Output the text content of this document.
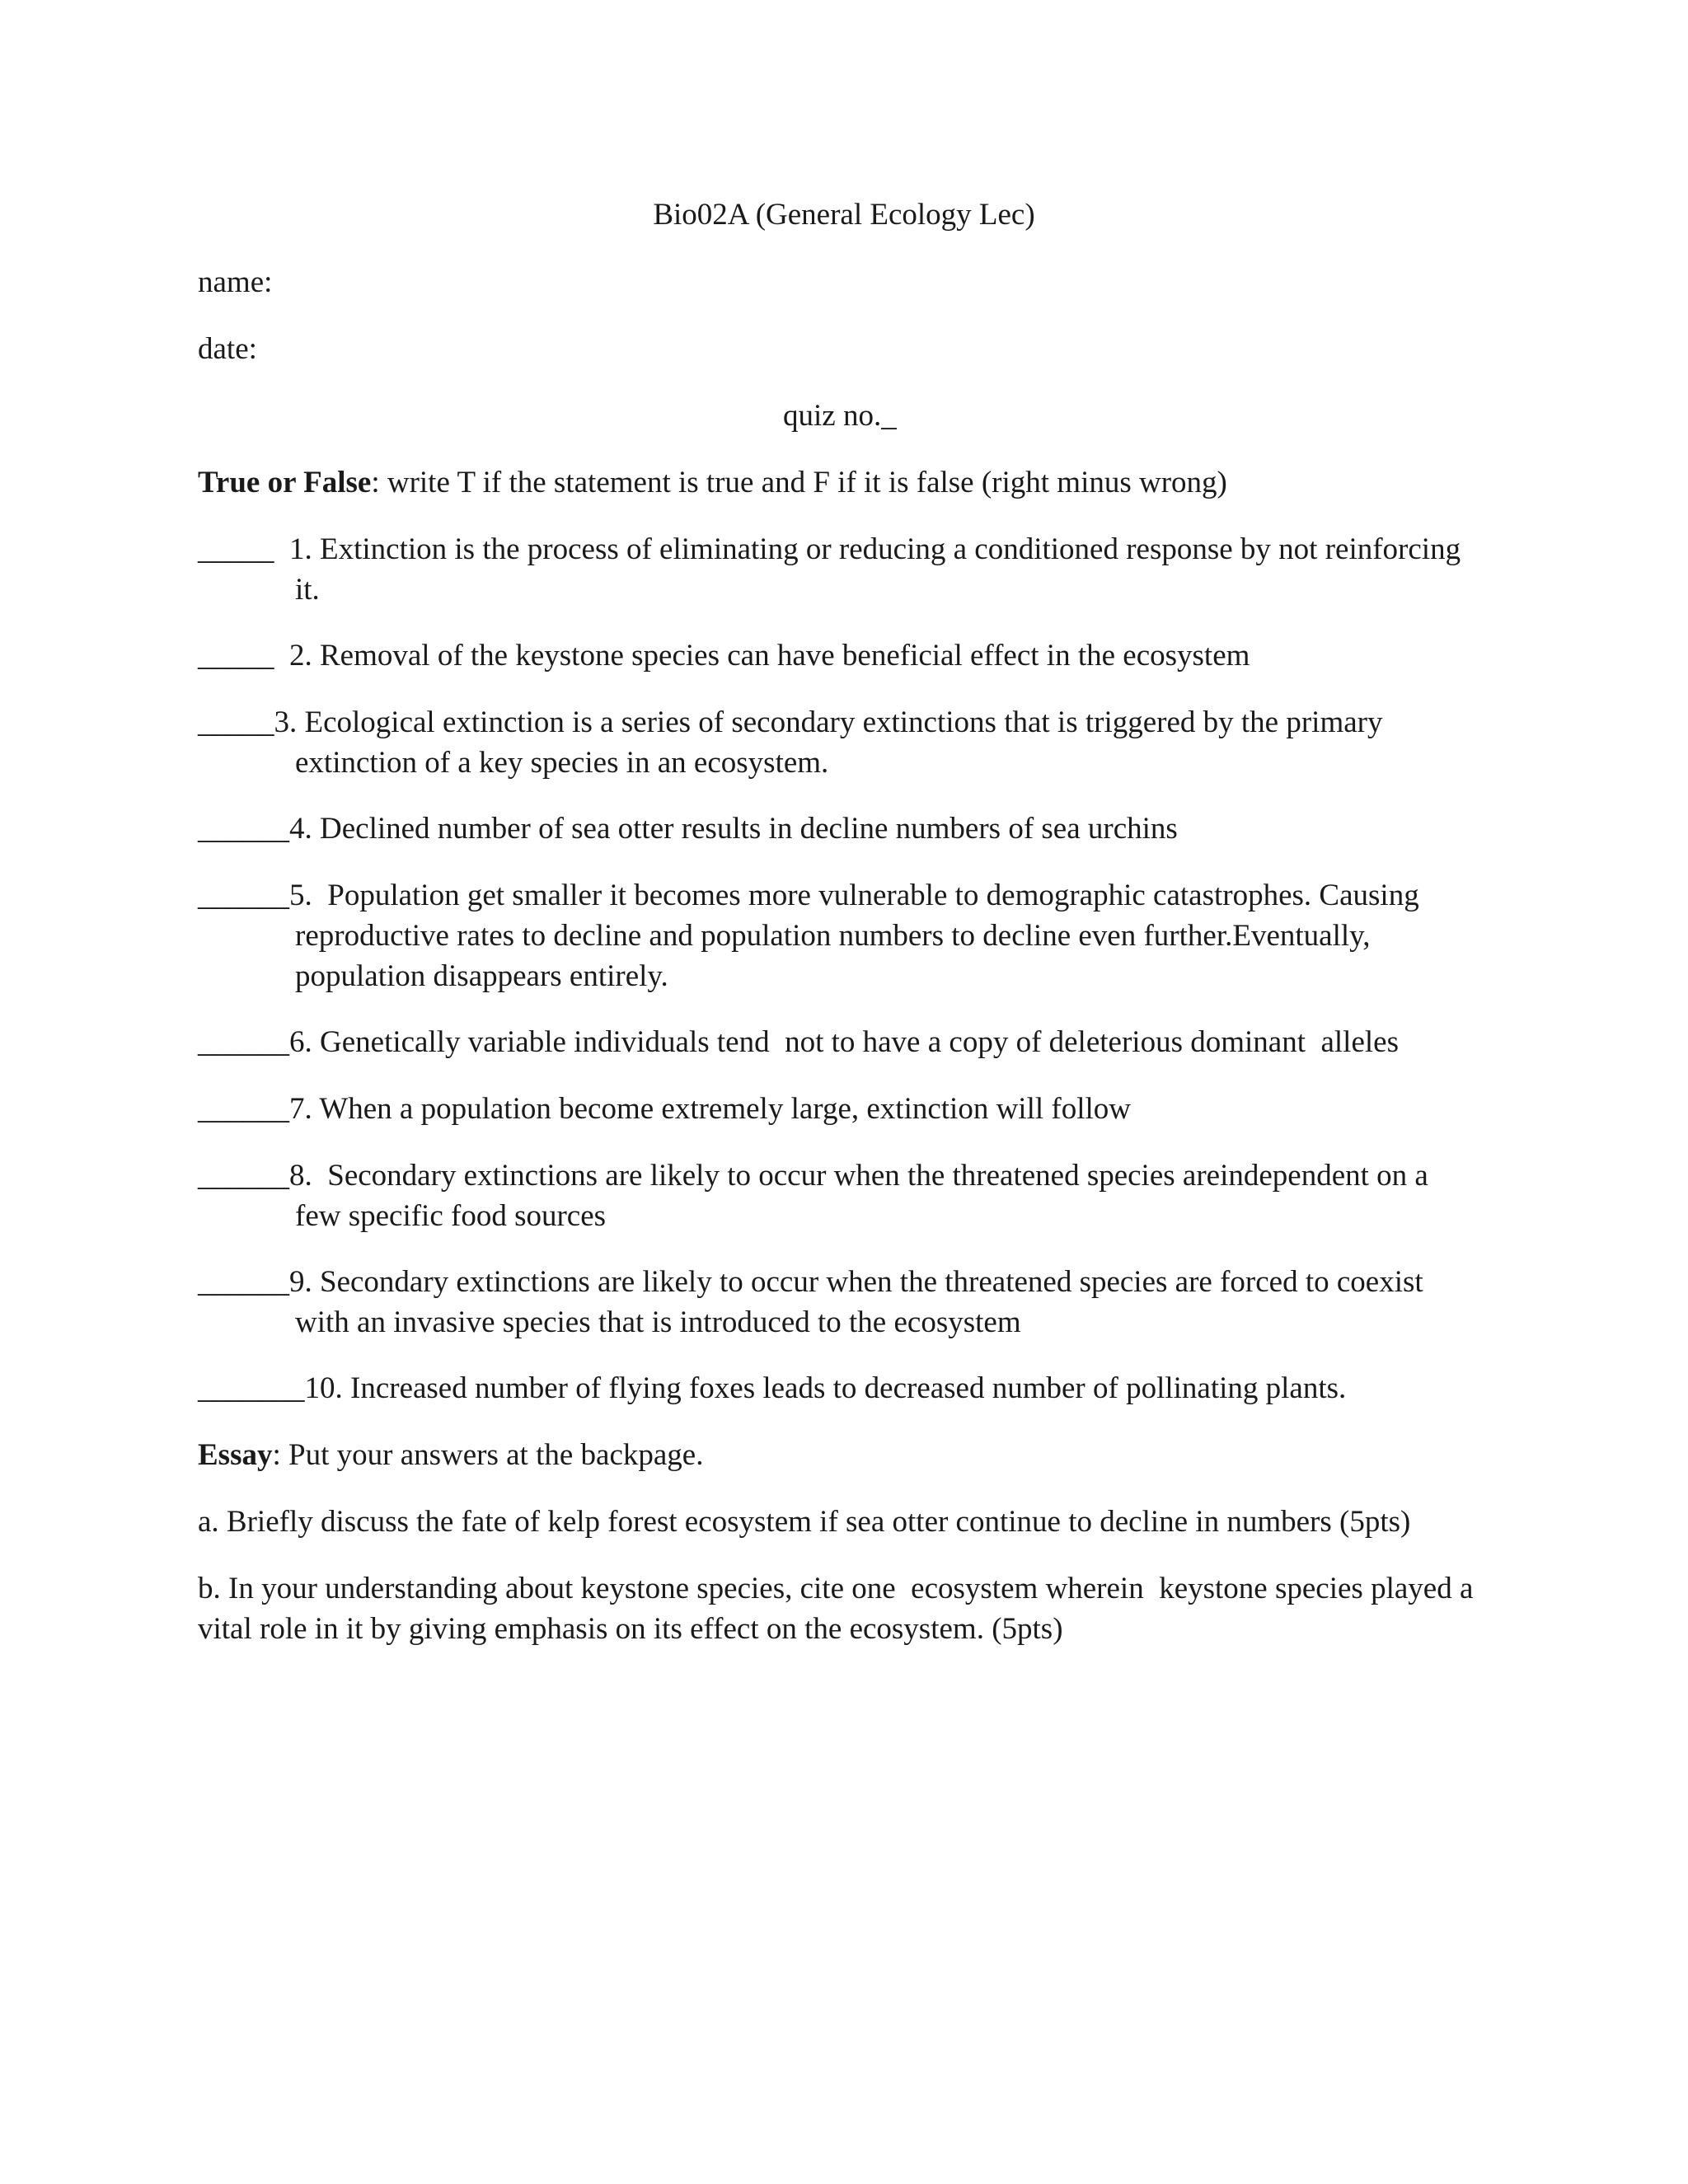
Bio02A (General Ecology Lec)
name:
date:
quiz no._
True or False: write T if the statement is true and F if it is false (right minus wrong)
_____  1. Extinction is the process of eliminating or reducing a conditioned response by not reinforcing
it.
_____  2. Removal of the keystone species can have beneficial effect in the ecosystem
_____3. Ecological extinction is a series of secondary extinctions that is triggered by the primary
extinction of a key species in an ecosystem.
______4. Declined number of sea otter results in decline numbers of sea urchins
______5.  Population get smaller it becomes more vulnerable to demographic catastrophes. Causing
reproductive rates to decline and population numbers to decline even further.Eventually,
population disappears entirely.
______6. Genetically variable individuals tend  not to have a copy of deleterious dominant  alleles
______7. When a population become extremely large, extinction will follow
______8.  Secondary extinctions are likely to occur when the threatened species areindependent on a
few specific food sources
______9. Secondary extinctions are likely to occur when the threatened species are forced to coexist
with an invasive species that is introduced to the ecosystem
_______10. Increased number of flying foxes leads to decreased number of pollinating plants.
Essay: Put your answers at the backpage.
a. Briefly discuss the fate of kelp forest ecosystem if sea otter continue to decline in numbers (5pts)
b. In your understanding about keystone species, cite one  ecosystem wherein  keystone species played a
vital role in it by giving emphasis on its effect on the ecosystem. (5pts)
